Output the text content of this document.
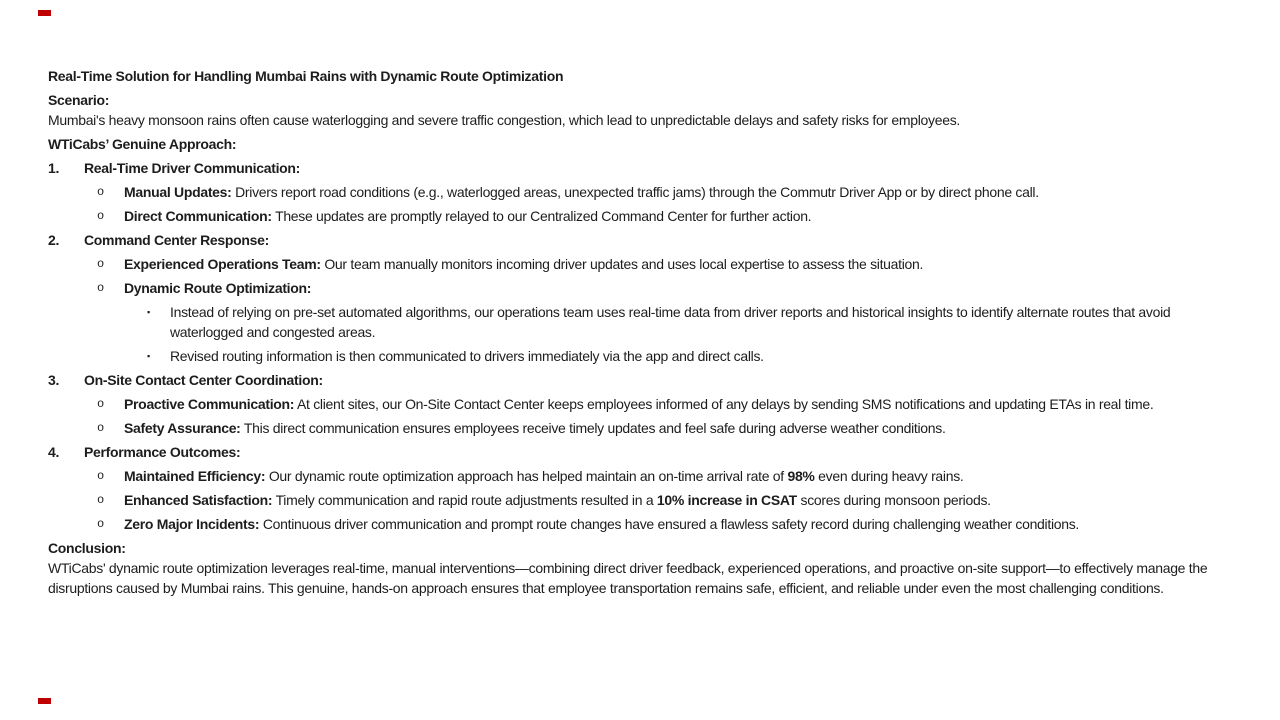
Real-Time Solution for Handling Mumbai Rains with Dynamic Route Optimization
Scenario:
Mumbai's heavy monsoon rains often cause waterlogging and severe traffic congestion, which lead to unpredictable delays and safety risks for employees.
WTiCabs’ Genuine Approach:
1.	Real-Time Driver Communication:
o	Manual Updates: Drivers report road conditions (e.g., waterlogged areas, unexpected traffic jams) through the Commutr Driver App or by direct phone call.
o	Direct Communication: These updates are promptly relayed to our Centralized Command Center for further action.
2.	Command Center Response:
o	Experienced Operations Team: Our team manually monitors incoming driver updates and uses local expertise to assess the situation.
o	Dynamic Route Optimization:
▪	Instead of relying on pre-set automated algorithms, our operations team uses real-time data from driver reports and historical insights to identify alternate routes that avoid waterlogged and congested areas.
▪	Revised routing information is then communicated to drivers immediately via the app and direct calls.
3.	On-Site Contact Center Coordination:
o	Proactive Communication: At client sites, our On-Site Contact Center keeps employees informed of any delays by sending SMS notifications and updating ETAs in real time.
o	Safety Assurance: This direct communication ensures employees receive timely updates and feel safe during adverse weather conditions.
4.	Performance Outcomes:
o	Maintained Efficiency: Our dynamic route optimization approach has helped maintain an on-time arrival rate of 98% even during heavy rains.
o	Enhanced Satisfaction: Timely communication and rapid route adjustments resulted in a 10% increase in CSAT scores during monsoon periods.
o	Zero Major Incidents: Continuous driver communication and prompt route changes have ensured a flawless safety record during challenging weather conditions.
Conclusion:
WTiCabs' dynamic route optimization leverages real-time, manual interventions—combining direct driver feedback, experienced operations, and proactive on-site support—to effectively manage the disruptions caused by Mumbai rains. This genuine, hands-on approach ensures that employee transportation remains safe, efficient, and reliable under even the most challenging conditions.
